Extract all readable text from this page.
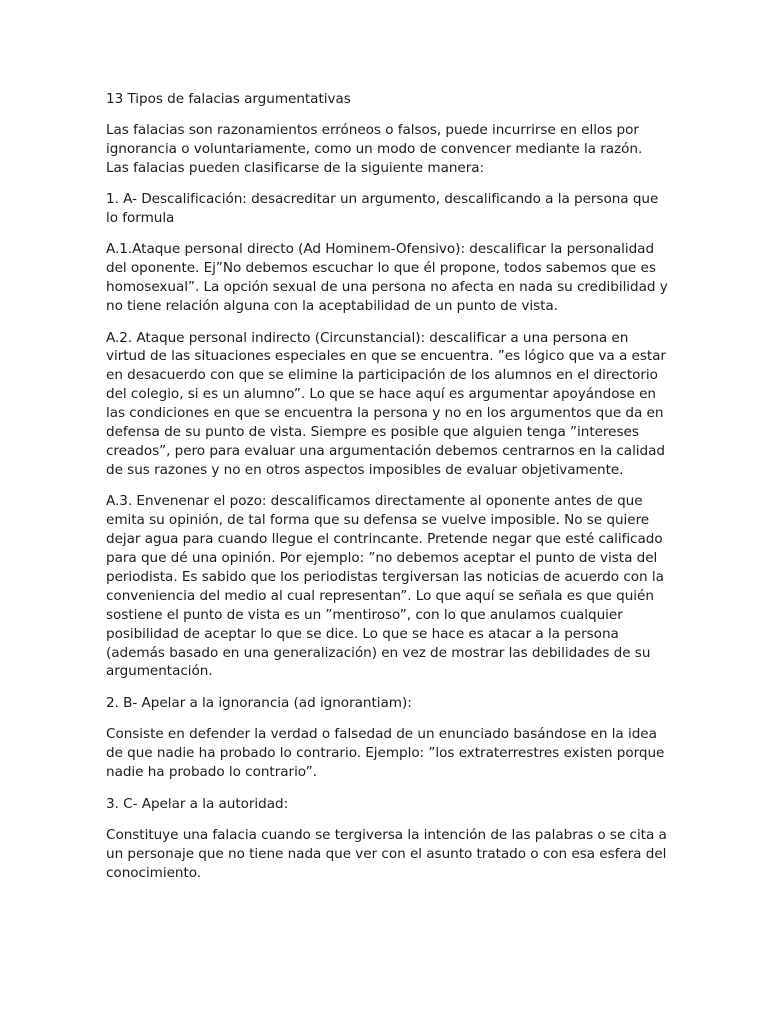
13 Tipos de falacias argumentativas

Las falacias son razonamientos erróneos o falsos, puede incurrirse en ellos por ignorancia o voluntariamente, como un modo de convencer mediante la razón. Las falacias pueden clasificarse de la siguiente manera:

1. A- Descalificación: desacreditar un argumento, descalificando a la persona que lo formula

A.1.Ataque personal directo (Ad Hominem-Ofensivo): descalificar la personalidad del oponente. Ej”No debemos escuchar lo que él propone, todos sabemos que es homosexual”. La opción sexual de una persona no afecta en nada su credibilidad y no tiene relación alguna con la aceptabilidad de un punto de vista.

A.2. Ataque personal indirecto (Circunstancial): descalificar a una persona en virtud de las situaciones especiales en que se encuentra. ”es lógico que va a estar en desacuerdo con que se elimine la participación de los alumnos en el directorio del colegio, si es un alumno”. Lo que se hace aquí es argumentar apoyándose en las condiciones en que se encuentra la persona y no en los argumentos que da en defensa de su punto de vista. Siempre es posible que alguien tenga ”intereses creados”, pero para evaluar una argumentación debemos centrarnos en la calidad de sus razones y no en otros aspectos imposibles de evaluar objetivamente.

A.3. Envenenar el pozo: descalificamos directamente al oponente antes de que emita su opinión, de tal forma que su defensa se vuelve imposible. No se quiere dejar agua para cuando llegue el contrincante. Pretende negar que esté calificado para que dé una opinión. Por ejemplo: ”no debemos aceptar el punto de vista del periodista. Es sabido que los periodistas tergiversan las noticias de acuerdo con la conveniencia del medio al cual representan”. Lo que aquí se señala es que quién sostiene el punto de vista es un ”mentiroso”, con lo que anulamos cualquier posibilidad de aceptar lo que se dice. Lo que se hace es atacar a la persona (además basado en una generalización) en vez de mostrar las debilidades de su argumentación.

2. B- Apelar a la ignorancia (ad ignorantiam):

Consiste en defender la verdad o falsedad de un enunciado basándose en la idea de que nadie ha probado lo contrario. Ejemplo: ”los extraterrestres existen porque nadie ha probado lo contrario”.

3. C- Apelar a la autoridad:

Constituye una falacia cuando se tergiversa la intención de las palabras o se cita a un personaje que no tiene nada que ver con el asunto tratado o con esa esfera del conocimiento.
